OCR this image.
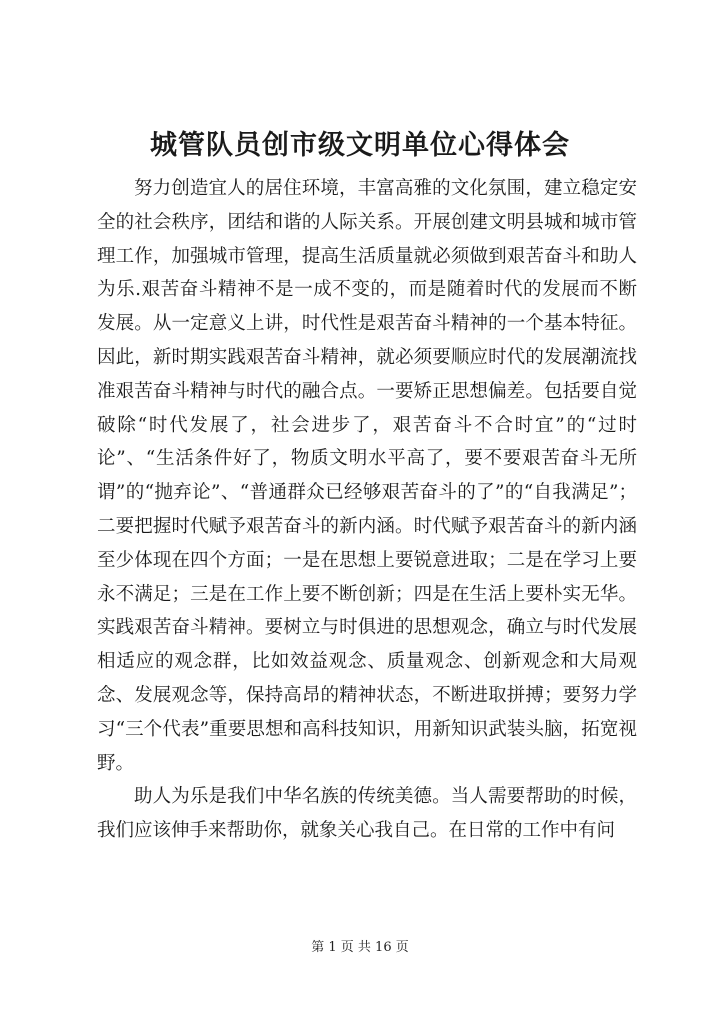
城管队员创市级文明单位心得体会

努力创造宜人的居住环境，丰富高雅的文化氛围，建立稳定安全的社会秩序，团结和谐的人际关系。开展创建文明县城和城市管理工作，加强城市管理，提高生活质量就必须做到艰苦奋斗和助人为乐.艰苦奋斗精神不是一成不变的，而是随着时代的发展而不断发展。从一定意义上讲，时代性是艰苦奋斗精神的一个基本特征。因此，新时期实践艰苦奋斗精神，就必须要顺应时代的发展潮流找准艰苦奋斗精神与时代的融合点。一要矫正思想偏差。包括要自觉破除“时代发展了，社会进步了，艰苦奋斗不合时宜”的“过时论”、“生活条件好了，物质文明水平高了，要不要艰苦奋斗无所谓”的“抛弃论”、“普通群众已经够艰苦奋斗的了”的“自我满足”；二要把握时代赋予艰苦奋斗的新内涵。时代赋予艰苦奋斗的新内涵至少体现在四个方面；一是在思想上要锐意进取；二是在学习上要永不满足；三是在工作上要不断创新；四是在生活上要朴实无华。实践艰苦奋斗精神。要树立与时俱进的思想观念，确立与时代发展相适应的观念群，比如效益观念、质量观念、创新观念和大局观念、发展观念等，保持高昂的精神状态，不断进取拼搏；要努力学习“三个代表”重要思想和高科技知识，用新知识武装头脑，拓宽视野。

助人为乐是我们中华名族的传统美德。当人需要帮助的时候，我们应该伸手来帮助你，就象关心我自己。在日常的工作中有问

第 1 页 共 16 页
